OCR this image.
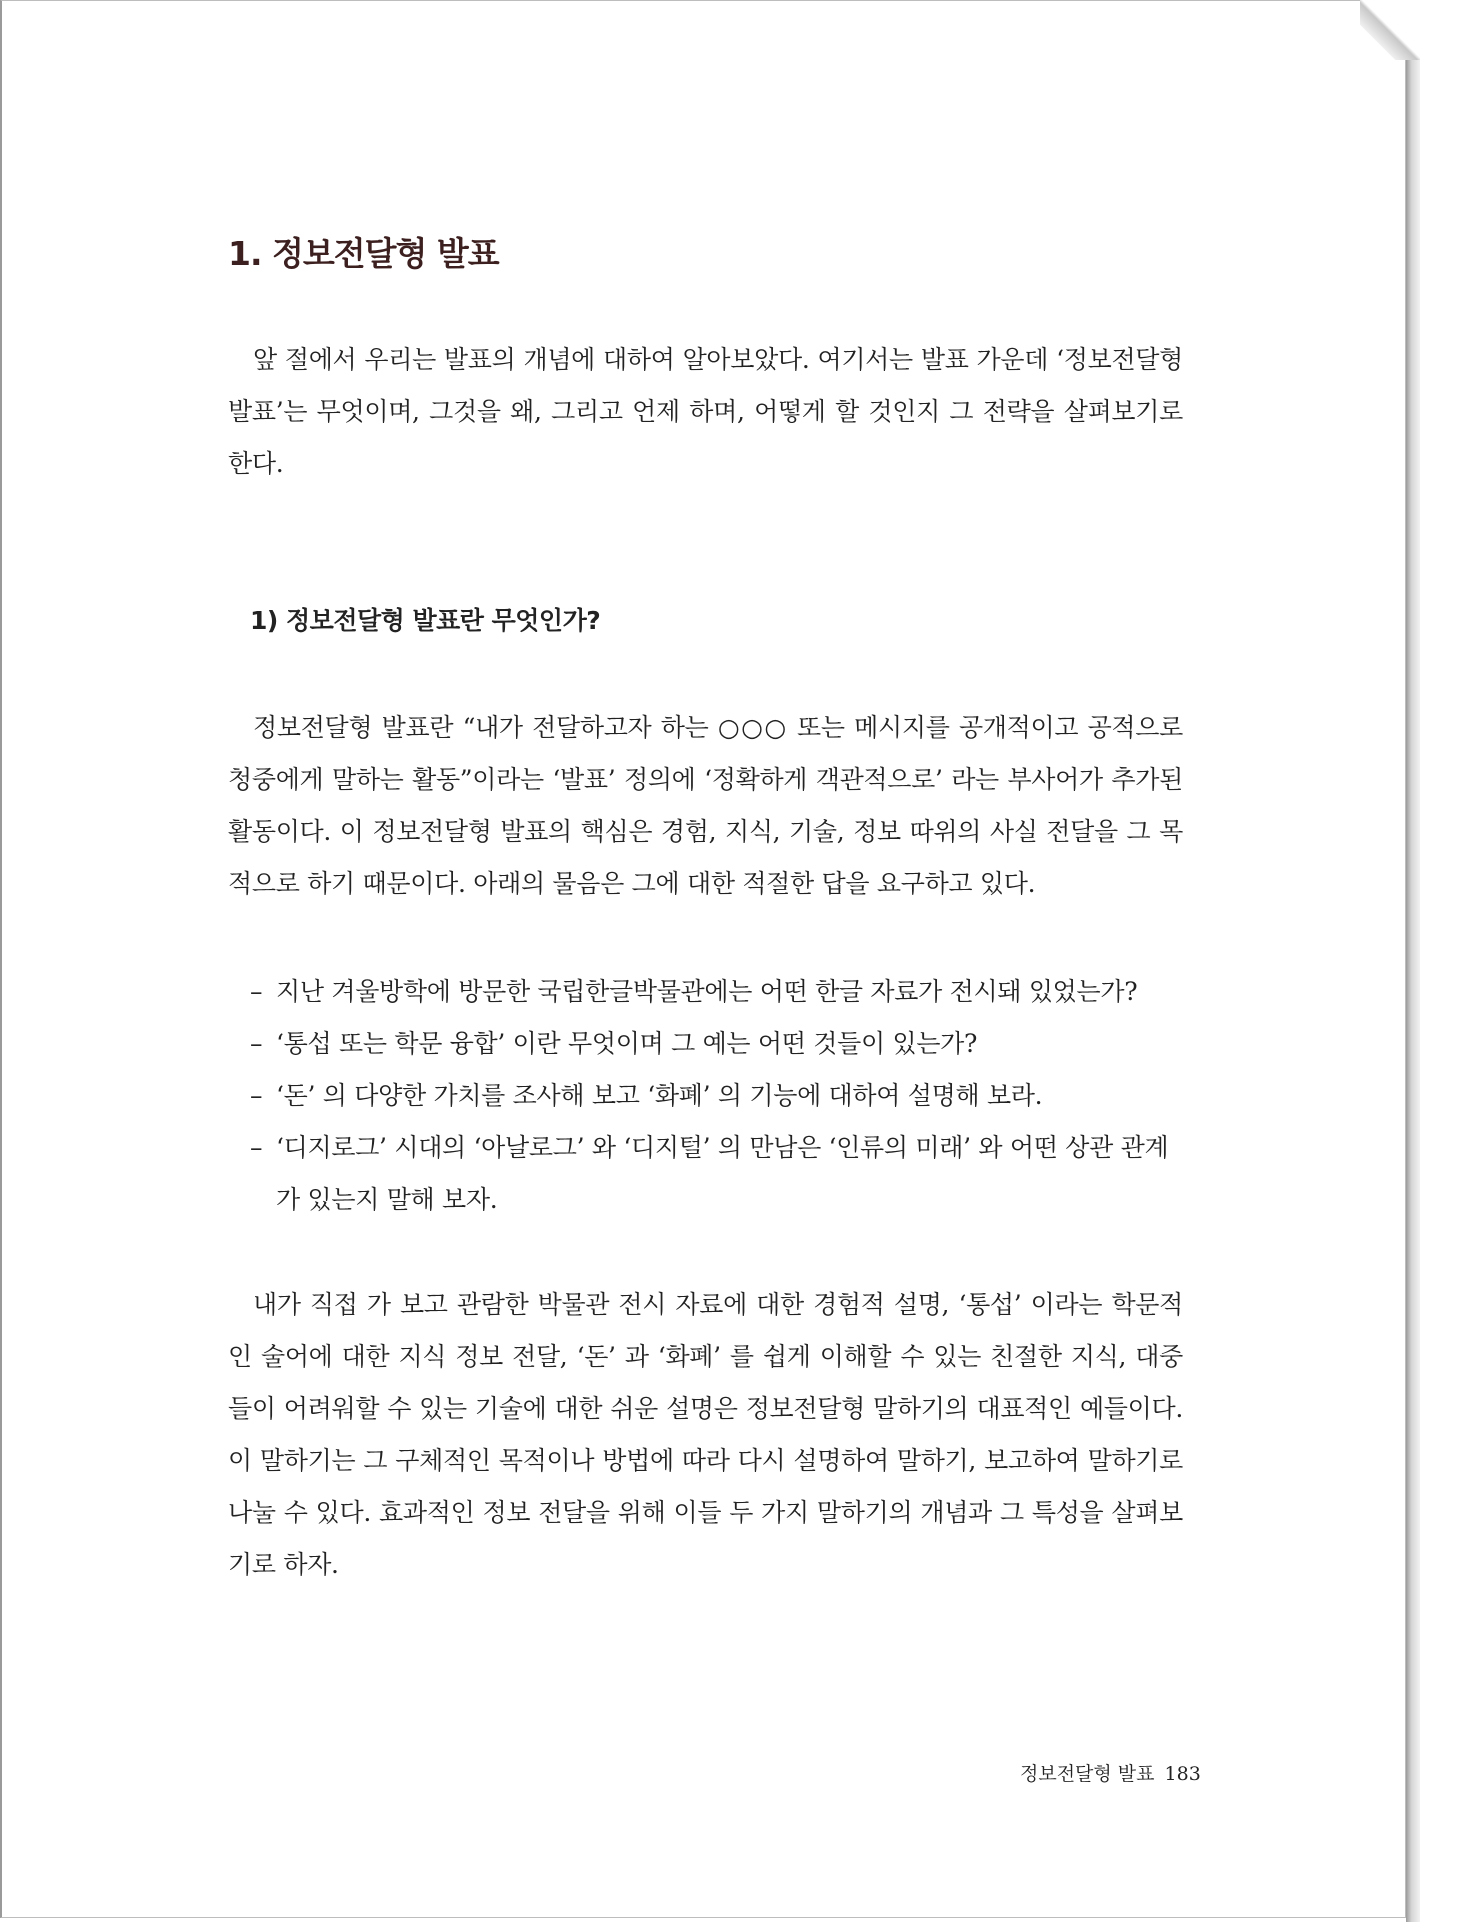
1. 정보전달형 발표

앞 절에서 우리는 발표의 개념에 대하여 알아보았다. 여기서는 발표 가운데 ‘정보전달형 발표’는 무엇이며, 그것을 왜, 그리고 언제 하며, 어떻게 할 것인지 그 전략을 살펴보기로 한다.

1) 정보전달형 발표란 무엇인가?

정보전달형 발표란 “내가 전달하고자 하는 ○○○ 또는 메시지를 공개적이고 공적으로 청중에게 말하는 활동”이라는 ‘발표’ 정의에 ‘정확하게 객관적으로’ 라는 부사어가 추가된 활동이다. 이 정보전달형 발표의 핵심은 경험, 지식, 기술, 정보 따위의 사실 전달을 그 목적으로 하기 때문이다. 아래의 물음은 그에 대한 적절한 답을 요구하고 있다.

– 지난 겨울방학에 방문한 국립한글박물관에는 어떤 한글 자료가 전시돼 있었는가?
– ‘통섭 또는 학문 융합’ 이란 무엇이며 그 예는 어떤 것들이 있는가?
– ‘돈’ 의 다양한 가치를 조사해 보고 ‘화폐’ 의 기능에 대하여 설명해 보라.
– ‘디지로그’ 시대의 ‘아날로그’ 와 ‘디지털’ 의 만남은 ‘인류의 미래’ 와 어떤 상관 관계가 있는지 말해 보자.

내가 직접 가 보고 관람한 박물관 전시 자료에 대한 경험적 설명, ‘통섭’ 이라는 학문적인 술어에 대한 지식 정보 전달, ‘돈’ 과 ‘화폐’ 를 쉽게 이해할 수 있는 친절한 지식, 대중들이 어려워할 수 있는 기술에 대한 쉬운 설명은 정보전달형 말하기의 대표적인 예들이다. 이 말하기는 그 구체적인 목적이나 방법에 따라 다시 설명하여 말하기, 보고하여 말하기로 나눌 수 있다. 효과적인 정보 전달을 위해 이들 두 가지 말하기의 개념과 그 특성을 살펴보기로 하자.

정보전달형 발표 183
